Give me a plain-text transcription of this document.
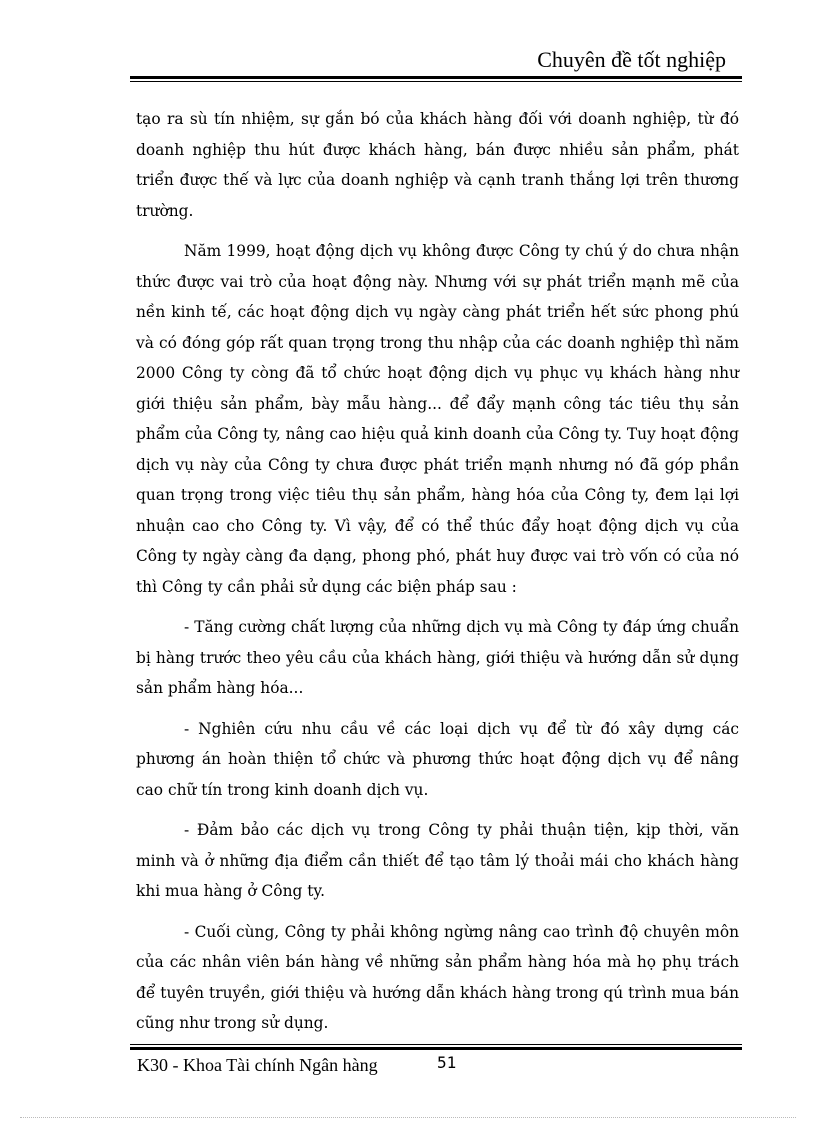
Chuyên đề tốt nghiệp

tạo ra sù tín nhiệm, sự gắn bó của khách hàng đối với doanh nghiệp, từ đó doanh nghiệp thu hút được khách hàng, bán được nhiều sản phẩm, phát triển được thế và lực của doanh nghiệp và cạnh tranh thắng lợi trên thương trường.

Năm 1999, hoạt động dịch vụ không được Công ty chú ý do chưa nhận thức được vai trò của hoạt động này. Nhưng với sự phát triển mạnh mẽ của nền kinh tế, các hoạt động dịch vụ ngày càng phát triển hết sức phong phú và có đóng góp rất quan trọng trong thu nhập của các doanh nghiệp thì năm 2000 Công ty còng đã tổ chức hoạt động dịch vụ phục vụ khách hàng như giới thiệu sản phẩm, bày mẫu hàng... để đẩy mạnh công tác tiêu thụ sản phẩm của Công ty, nâng cao hiệu quả kinh doanh của Công ty. Tuy hoạt động dịch vụ này của Công ty chưa được phát triển mạnh nhưng nó đã góp phần quan trọng trong việc tiêu thụ sản phẩm, hàng hóa của Công ty, đem lại lợi nhuận cao cho Công ty. Vì vậy, để có thể thúc đẩy hoạt động dịch vụ của Công ty ngày càng đa dạng, phong phó, phát huy được vai trò vốn có của nó thì Công ty cần phải sử dụng các biện pháp sau :

- Tăng cường chất lượng của những dịch vụ mà Công ty đáp ứng chuẩn bị hàng trước theo yêu cầu của khách hàng, giới thiệu và hướng dẫn sử dụng sản phẩm hàng hóa...

- Nghiên cứu nhu cầu về các loại dịch vụ để từ đó xây dựng các phương án hoàn thiện tổ chức và phương thức hoạt động dịch vụ để nâng cao chữ tín trong kinh doanh dịch vụ.

- Đảm bảo các dịch vụ trong Công ty phải thuận tiện, kịp thời, văn minh và ở những địa điểm cần thiết để tạo tâm lý thoải mái cho khách hàng khi mua hàng ở Công ty.

- Cuối cùng, Công ty phải không ngừng nâng cao trình độ chuyên môn của các nhân viên bán hàng về những sản phẩm hàng hóa mà họ phụ trách để tuyên truyền, giới thiệu và hướng dẫn khách hàng trong qú trình mua bán cũng như trong sử dụng.

K30 - Khoa Tài chính Ngân hàng	51
